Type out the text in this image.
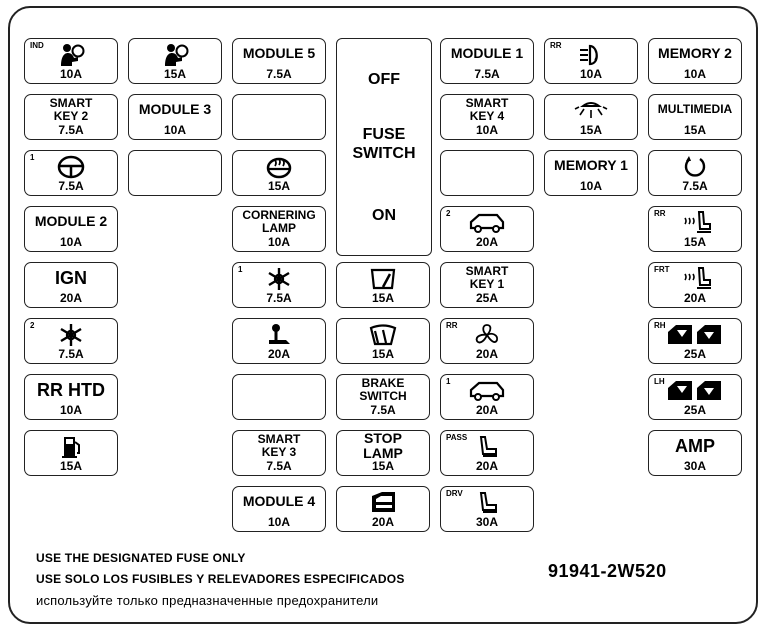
OFF
FUSE
SWITCH
ON
IND
10A
SMART
KEY 2
7.5A
1
7.5A
MODULE 2
10A
IGN
20A
2
7.5A
RR HTD
10A
15A
15A
MODULE 3
10A
MODULE 5
7.5A
15A
CORNERING
LAMP
10A
1
7.5A
20A
SMART
KEY 3
7.5A
MODULE 4
10A
15A
15A
BRAKE
SWITCH
7.5A
STOP
LAMP
15A
20A
MODULE 1
7.5A
SMART
KEY 4
10A
2
20A
SMART
KEY 1
25A
RR
20A
1
20A
PASS
20A
DRV
30A
RR
10A
15A
MEMORY 1
10A
MEMORY 2
10A
MULTIMEDIA
15A
7.5A
RR
15A
FRT
20A
RH
25A
LH
25A
AMP
30A
USE THE DESIGNATED FUSE ONLY
USE SOLO LOS FUSIBLES Y RELEVADORES ESPECIFICADOS
используйте только предназначенные предохранители
91941-2W520
